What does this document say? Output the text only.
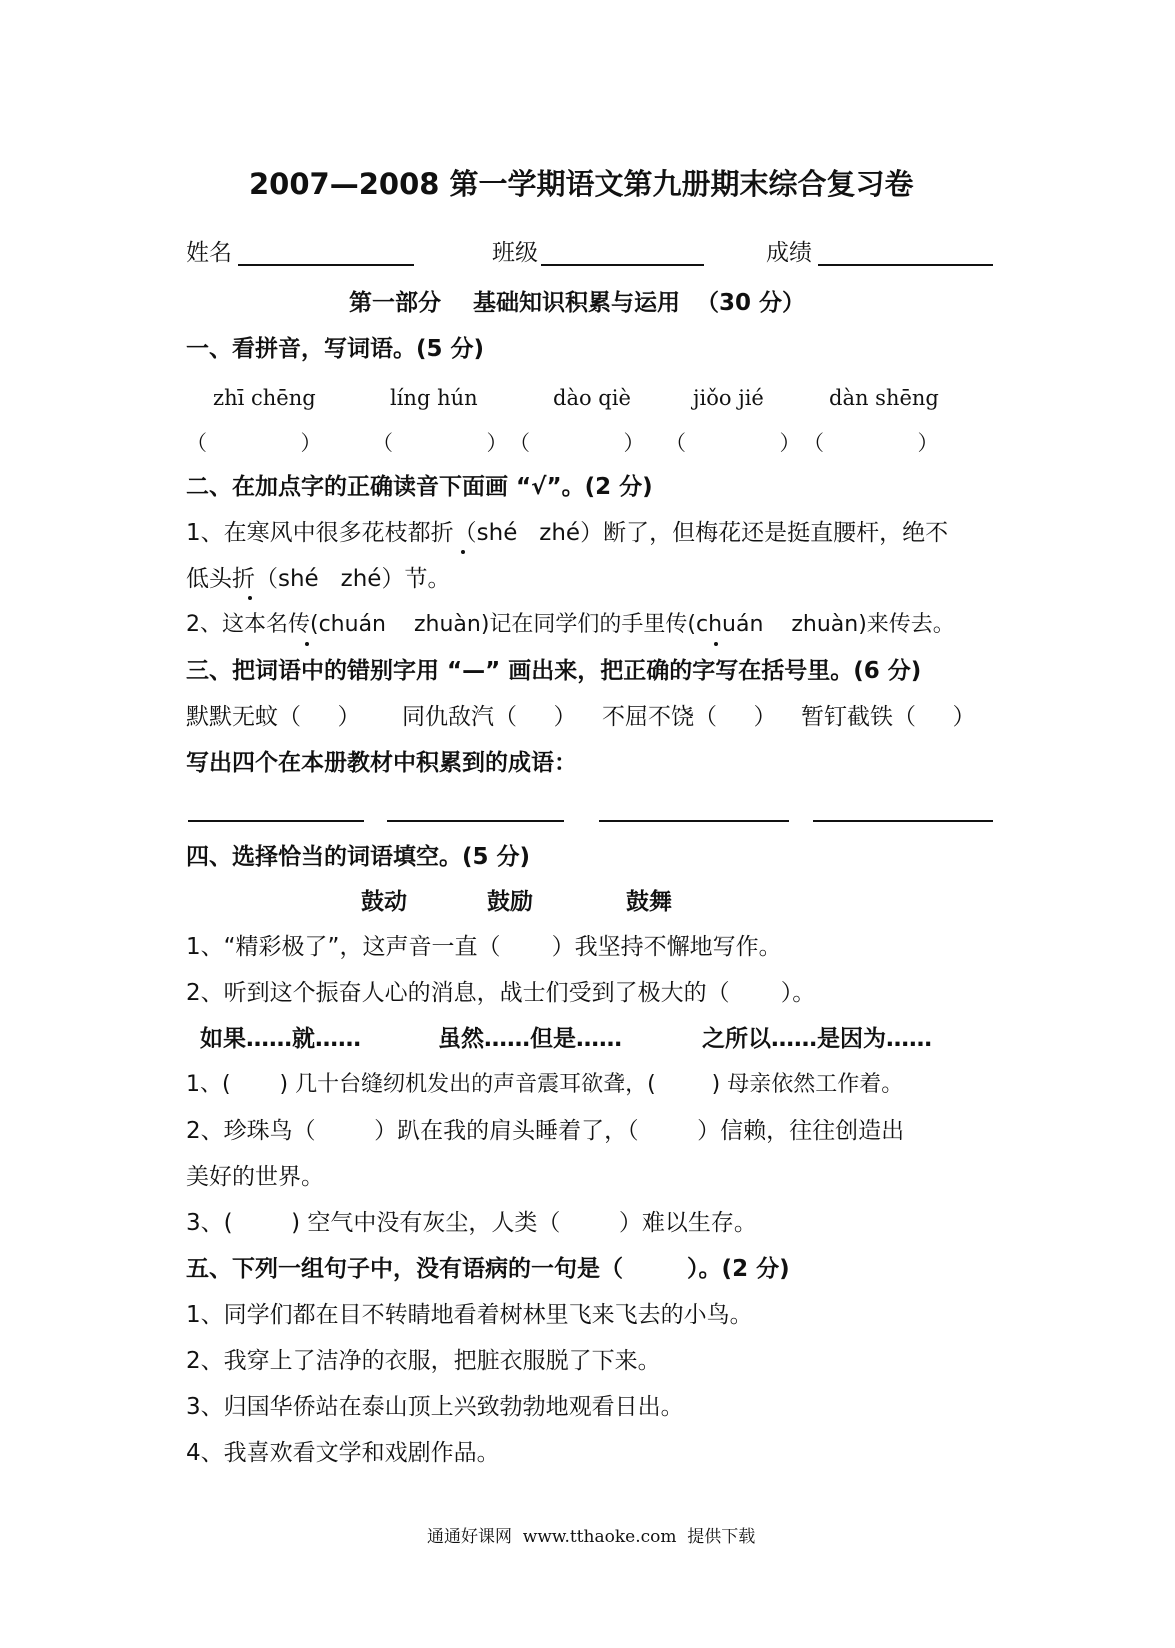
2007—2008 第一学期语文第九册期末综合复习卷
姓名	班级	成绩
第一部分    基础知识积累与运用  （30 分）
一、看拼音，写词语。(5 分)
zhī chēng	líng hún	dào qiè	jiǒo jié	dàn shēng
（              ） （              ） （              ） （              ） （              ）
二、在加点字的正确读音下面画 “√”。(2 分)
1、在寒风中很多花枝都折（shé   zhé）断了，但梅花还是挺直腰杆，绝不
低头折（shé   zhé）节。
2、这本名传(chuán    zhuàn)记在同学们的手里传(chuán    zhuàn)来传去。
三、把词语中的错别字用 “—” 画出来，把正确的字写在括号里。(6 分)
默默无蚊（     ） 同仇敌汽（     ） 不屈不饶（     ） 暂钉截铁（     ）
写出四个在本册教材中积累到的成语：
四、选择恰当的词语填空。(5 分)
鼓动	鼓励	鼓舞
1、“精彩极了”，这声音一直（       ）我坚持不懈地写作。
2、听到这个振奋人心的消息，战士们受到了极大的（       ）。
如果……就……	虽然……但是……	之所以……是因为……
1、(       ) 几十台缝纫机发出的声音震耳欲聋，(        ) 母亲依然工作着。
2、珍珠鸟（        ）趴在我的肩头睡着了，（        ）信赖，往往创造出
美好的世界。
3、(        ) 空气中没有灰尘，人类（        ）难以生存。
五、下列一组句子中，没有语病的一句是（        ）。(2 分)
1、同学们都在目不转睛地看着树林里飞来飞去的小鸟。
2、我穿上了洁净的衣服，把脏衣服脱了下来。
3、归国华侨站在泰山顶上兴致勃勃地观看日出。
4、我喜欢看文学和戏剧作品。
通通好课网  www.tthaoke.com  提供下载
